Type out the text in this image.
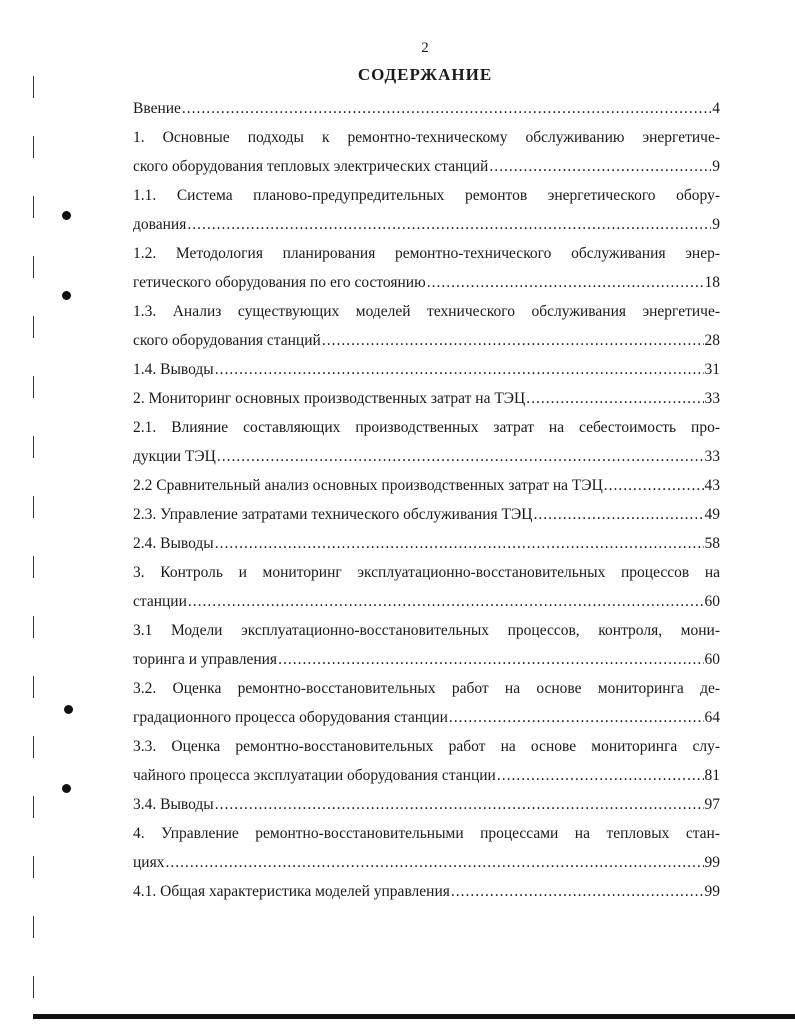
2
СОДЕРЖАНИЕ
Ввение .....	4
1. Основные подходы к ремонтно-техническому обслуживанию энергетиче-
ского оборудования тепловых электрических станций .....	9
1.1. Система планово-предупредительных ремонтов энергетического обору-
дования .....	9
1.2. Методология планирования ремонтно-технического обслуживания энер-
гетического оборудования по его состоянию .....	18
1.3. Анализ существующих моделей технического обслуживания энергетиче-
ского оборудования станций .....	28
1.4. Выводы .....	31
2. Мониторинг основных производственных затрат на ТЭЦ .....	33
2.1. Влияние составляющих производственных затрат на себестоимость про-
дукции ТЭЦ .....	33
2.2 Сравнительный анализ основных производственных затрат на ТЭЦ .....	43
2.3. Управление затратами технического обслуживания ТЭЦ .....	49
2.4. Выводы .....	58
3. Контроль и мониторинг эксплуатационно-восстановительных процессов на
станции .....	60
3.1 Модели эксплуатационно-восстановительных процессов, контроля, мони-
торинга и управления .....	60
3.2. Оценка ремонтно-восстановительных работ на основе мониторинга де-
градационного процесса оборудования станции .....	64
3.3. Оценка ремонтно-восстановительных работ на основе мониторинга слу-
чайного процесса эксплуатации оборудования станции .....	81
3.4. Выводы .....	97
4. Управление ремонтно-восстановительными процессами на тепловых стан-
циях .....	99
4.1. Общая характеристика моделей управления .....	99
